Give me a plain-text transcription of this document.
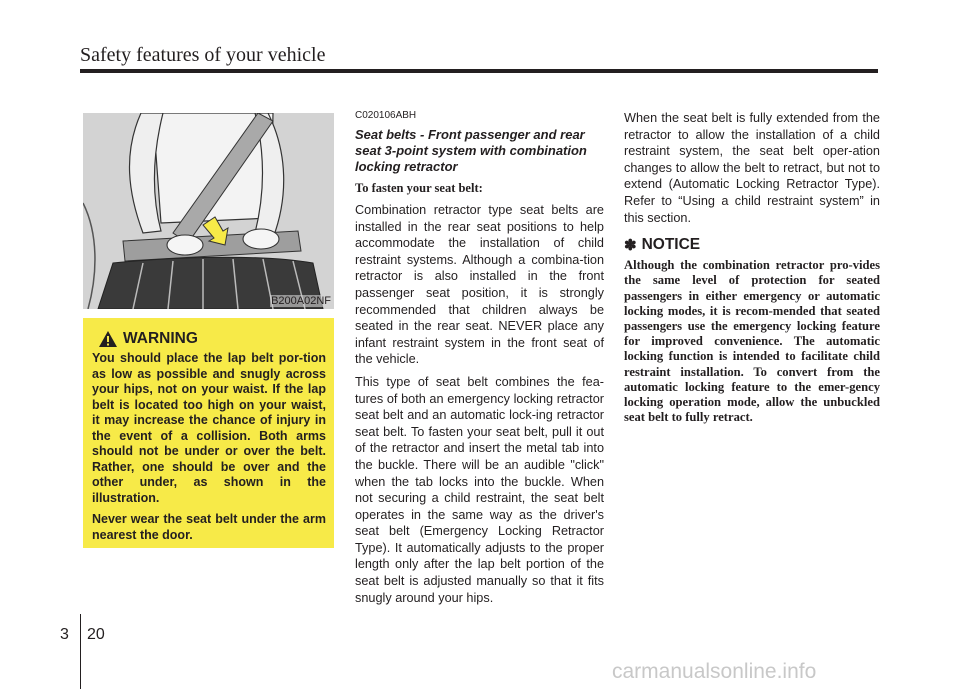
Safety features of your vehicle
B200A02NF
WARNING

You should place the lap belt por-tion as low as possible and snugly across your hips, not on your waist. If the lap belt is located too high on your waist, it may increase the chance of injury in the event of a collision. Both arms should not be under or over the belt. Rather, one should be over and the other under, as shown in the illustration.

Never wear the seat belt under the arm nearest the door.

C020106ABH
Seat belts - Front passenger and rear seat 3-point system with combination locking retractor
To fasten your seat belt:

Combination retractor type seat belts are installed in the rear seat positions to help accommodate the installation of child restraint systems. Although a combina-tion retractor is also installed in the front passenger seat position, it is strongly recommended that children always be seated in the rear seat. NEVER place any infant restraint system in the front seat of the vehicle.

This type of seat belt combines the fea-tures of both an emergency locking retractor seat belt and an automatic lock-ing retractor seat belt. To fasten your seat belt, pull it out of the retractor and insert the metal tab into the buckle. There will be an audible "click" when the tab locks into the buckle. When not securing a child restraint, the seat belt operates in the same way as the driver's seat belt (Emergency Locking Retractor Type). It automatically adjusts to the proper length only after the lap belt portion of the seat belt is adjusted manually so that it fits snugly around your hips.

When the seat belt is fully extended from the retractor to allow the installation of a child restraint system, the seat belt oper-ation changes to allow the belt to retract, but not to extend (Automatic Locking Retractor Type). Refer to “Using a child restraint system” in this section.

✽ NOTICE

Although the combination retractor pro-vides the same level of protection for seated passengers in either emergency or automatic locking modes, it is recom-mended that seated passengers use the emergency locking feature for improved convenience. The automatic locking function is intended to facilitate child restraint installation. To convert from the automatic locking feature to the emer-gency locking operation mode, allow the unbuckled seat belt to fully retract.

3 20
carmanualsonline.info
